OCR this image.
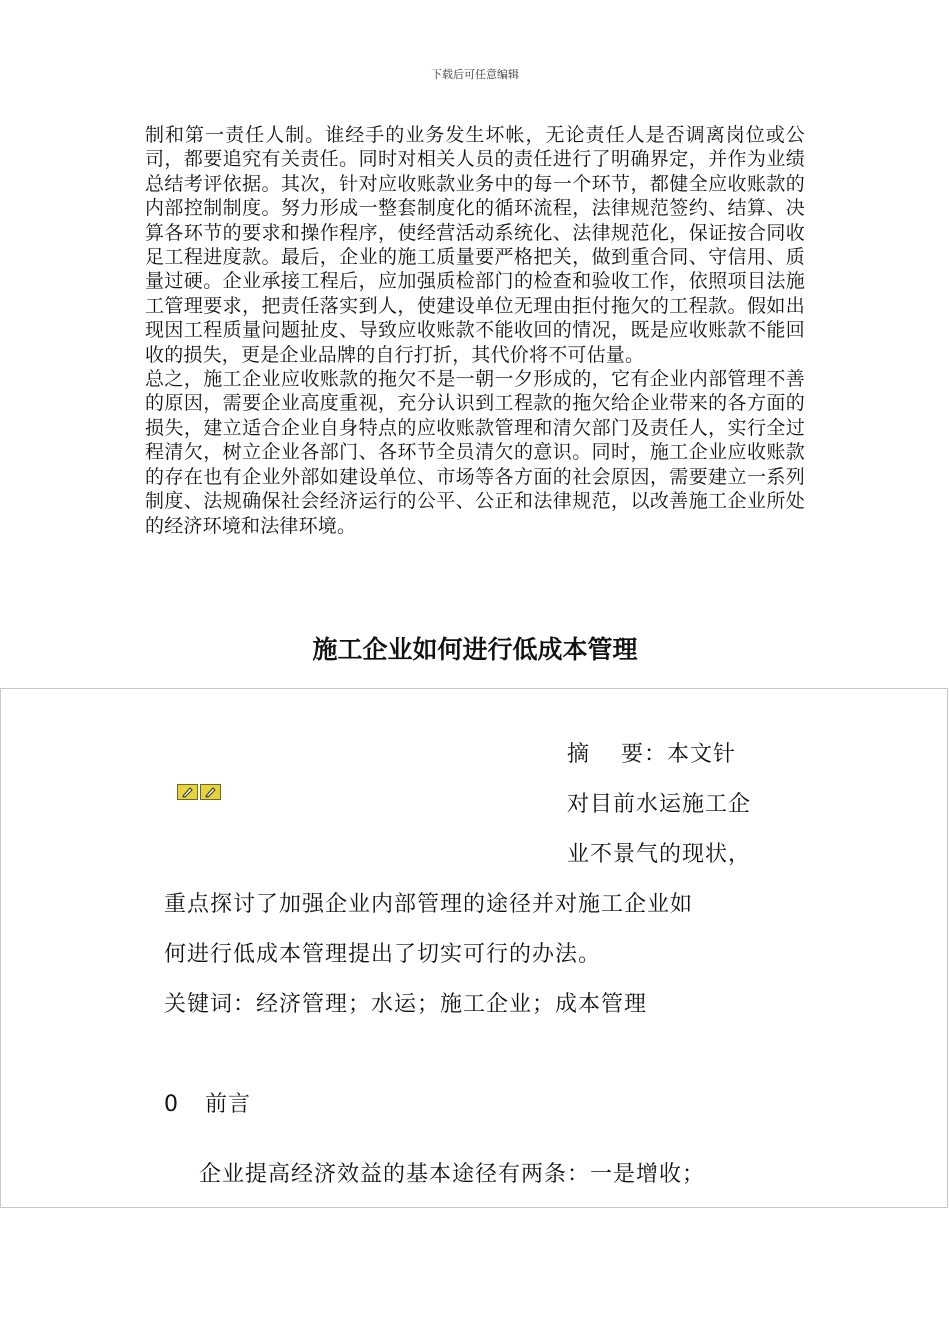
下载后可任意编辑

制和第一责任人制。谁经手的业务发生坏帐，无论责任人是否调离岗位或公司，都要追究有关责任。同时对相关人员的责任进行了明确界定，并作为业绩总结考评依据。其次，针对应收账款业务中的每一个环节，都健全应收账款的内部控制制度。努力形成一整套制度化的循环流程，法律规范签约、结算、决算各环节的要求和操作程序，使经营活动系统化、法律规范化，保证按合同收足工程进度款。最后，企业的施工质量要严格把关，做到重合同、守信用、质量过硬。企业承接工程后，应加强质检部门的检查和验收工作，依照项目法施工管理要求，把责任落实到人，使建设单位无理由拒付拖欠的工程款。假如出现因工程质量问题扯皮、导致应收账款不能收回的情况，既是应收账款不能回收的损失，更是企业品牌的自行打折，其代价将不可估量。

总之，施工企业应收账款的拖欠不是一朝一夕形成的，它有企业内部管理不善的原因，需要企业高度重视，充分认识到工程款的拖欠给企业带来的各方面的损失，建立适合企业自身特点的应收账款管理和清欠部门及责任人，实行全过程清欠，树立企业各部门、各环节全员清欠的意识。同时，施工企业应收账款的存在也有企业外部如建设单位、市场等各方面的社会原因，需要建立一系列制度、法规确保社会经济运行的公平、公正和法律规范，以改善施工企业所处的经济环境和法律环境。

施工企业如何进行低成本管理
摘　 要：本文针
对目前水运施工企
业不景气的现状，
重点探讨了加强企业内部管理的途径并对施工企业如
何进行低成本管理提出了切实可行的办法。
关键词：经济管理；水运；施工企业；成本管理
0 前言
企业提高经济效益的基本途径有两条：一是增收；
